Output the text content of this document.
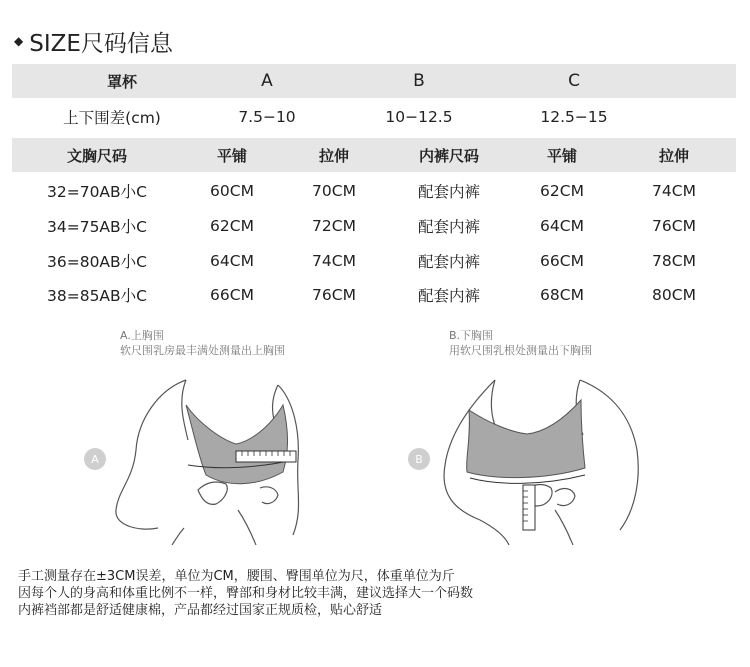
◆ SIZE尺码信息
罩杯	A	B	C
上下围差(cm)	7.5−10	10−12.5	12.5−15
文胸尺码	平铺	拉伸	内裤尺码	平铺	拉伸
32=70AB小C	60CM	70CM	配套内裤	62CM	74CM
34=75AB小C	62CM	72CM	配套内裤	64CM	76CM
36=80AB小C	64CM	74CM	配套内裤	66CM	78CM
38=85AB小C	66CM	76CM	配套内裤	68CM	80CM
A.上胸围
软尺围乳房最丰满处测量出上胸围
B.下胸围
用软尺围乳根处测量出下胸围
A	B
手工测量存在±3CM误差，单位为CM，腰围、臀围单位为尺，体重单位为斤
因每个人的身高和体重比例不一样，臀部和身材比较丰满，建议选择大一个码数
内裤裆部都是舒适健康棉，产品都经过国家正规质检，贴心舒适
